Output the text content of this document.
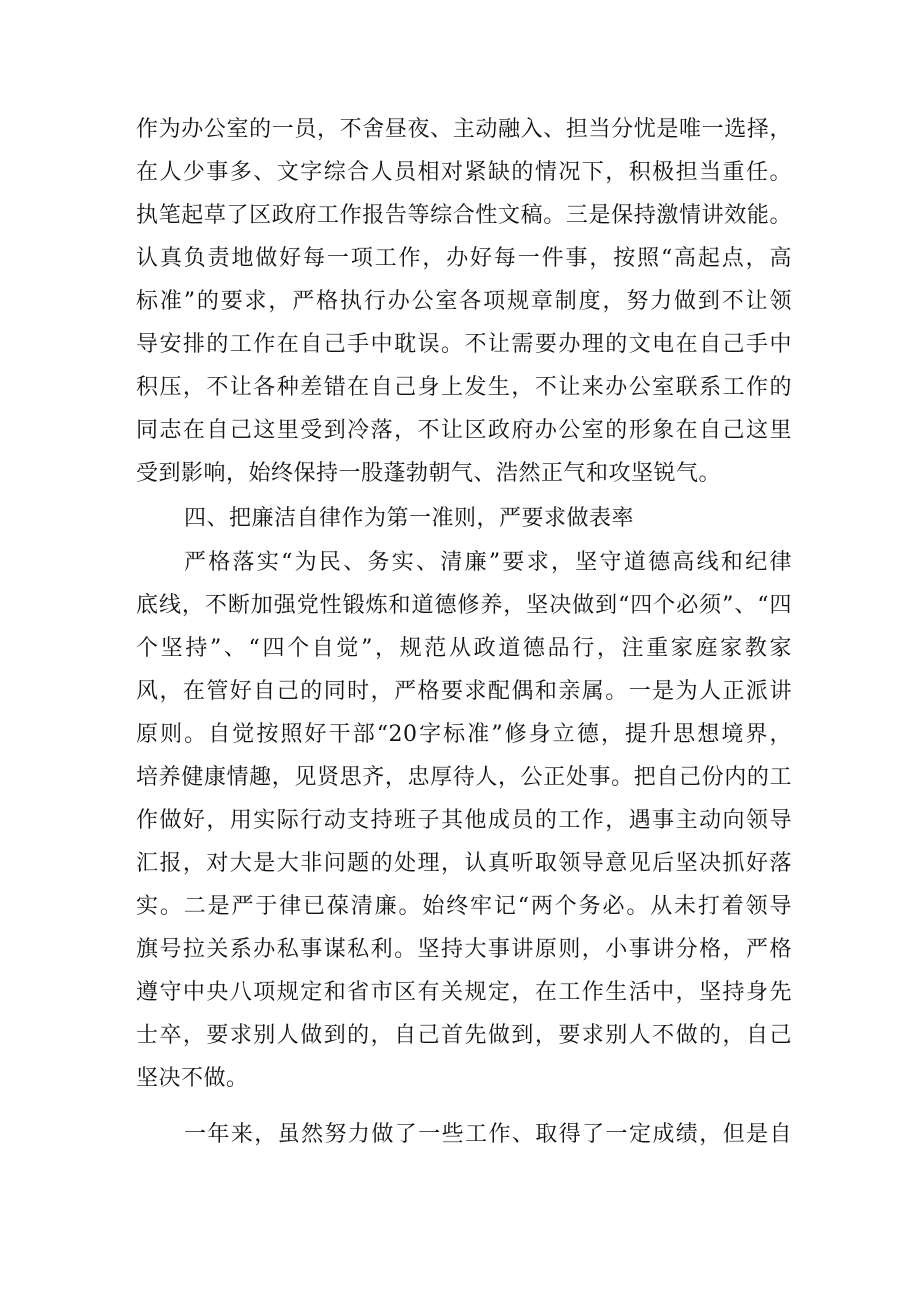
作为办公室的一员，不舍昼夜、主动融入、担当分忧是唯一选择，
在人少事多、文字综合人员相对紧缺的情况下，积极担当重任。
执笔起草了区政府工作报告等综合性文稿。三是保持激情讲效能。
认真负责地做好每一项工作，办好每一件事，按照“高起点，高
标准”的要求，严格执行办公室各项规章制度，努力做到不让领
导安排的工作在自己手中耽误。不让需要办理的文电在自己手中
积压，不让各种差错在自己身上发生，不让来办公室联系工作的
同志在自己这里受到冷落，不让区政府办公室的形象在自己这里
受到影响，始终保持一股蓬勃朝气、浩然正气和攻坚锐气。
四、把廉洁自律作为第一准则，严要求做表率
严格落实“为民、务实、清廉”要求，坚守道德高线和纪律
底线，不断加强党性锻炼和道德修养，坚决做到“四个必须”、“四
个坚持”、“四个自觉”，规范从政道德品行，注重家庭家教家
风，在管好自己的同时，严格要求配偶和亲属。一是为人正派讲
原则。自觉按照好干部“20字标准”修身立德，提升思想境界，
培养健康情趣，见贤思齐，忠厚待人，公正处事。把自己份内的工
作做好，用实际行动支持班子其他成员的工作，遇事主动向领导
汇报，对大是大非问题的处理，认真听取领导意见后坚决抓好落
实。二是严于律已葆清廉。始终牢记“两个务必。从未打着领导
旗号拉关系办私事谋私利。坚持大事讲原则，小事讲分格，严格
遵守中央八项规定和省市区有关规定，在工作生活中，坚持身先
士卒，要求别人做到的，自己首先做到，要求别人不做的，自己
坚决不做。
一年来，虽然努力做了一些工作、取得了一定成绩，但是自
